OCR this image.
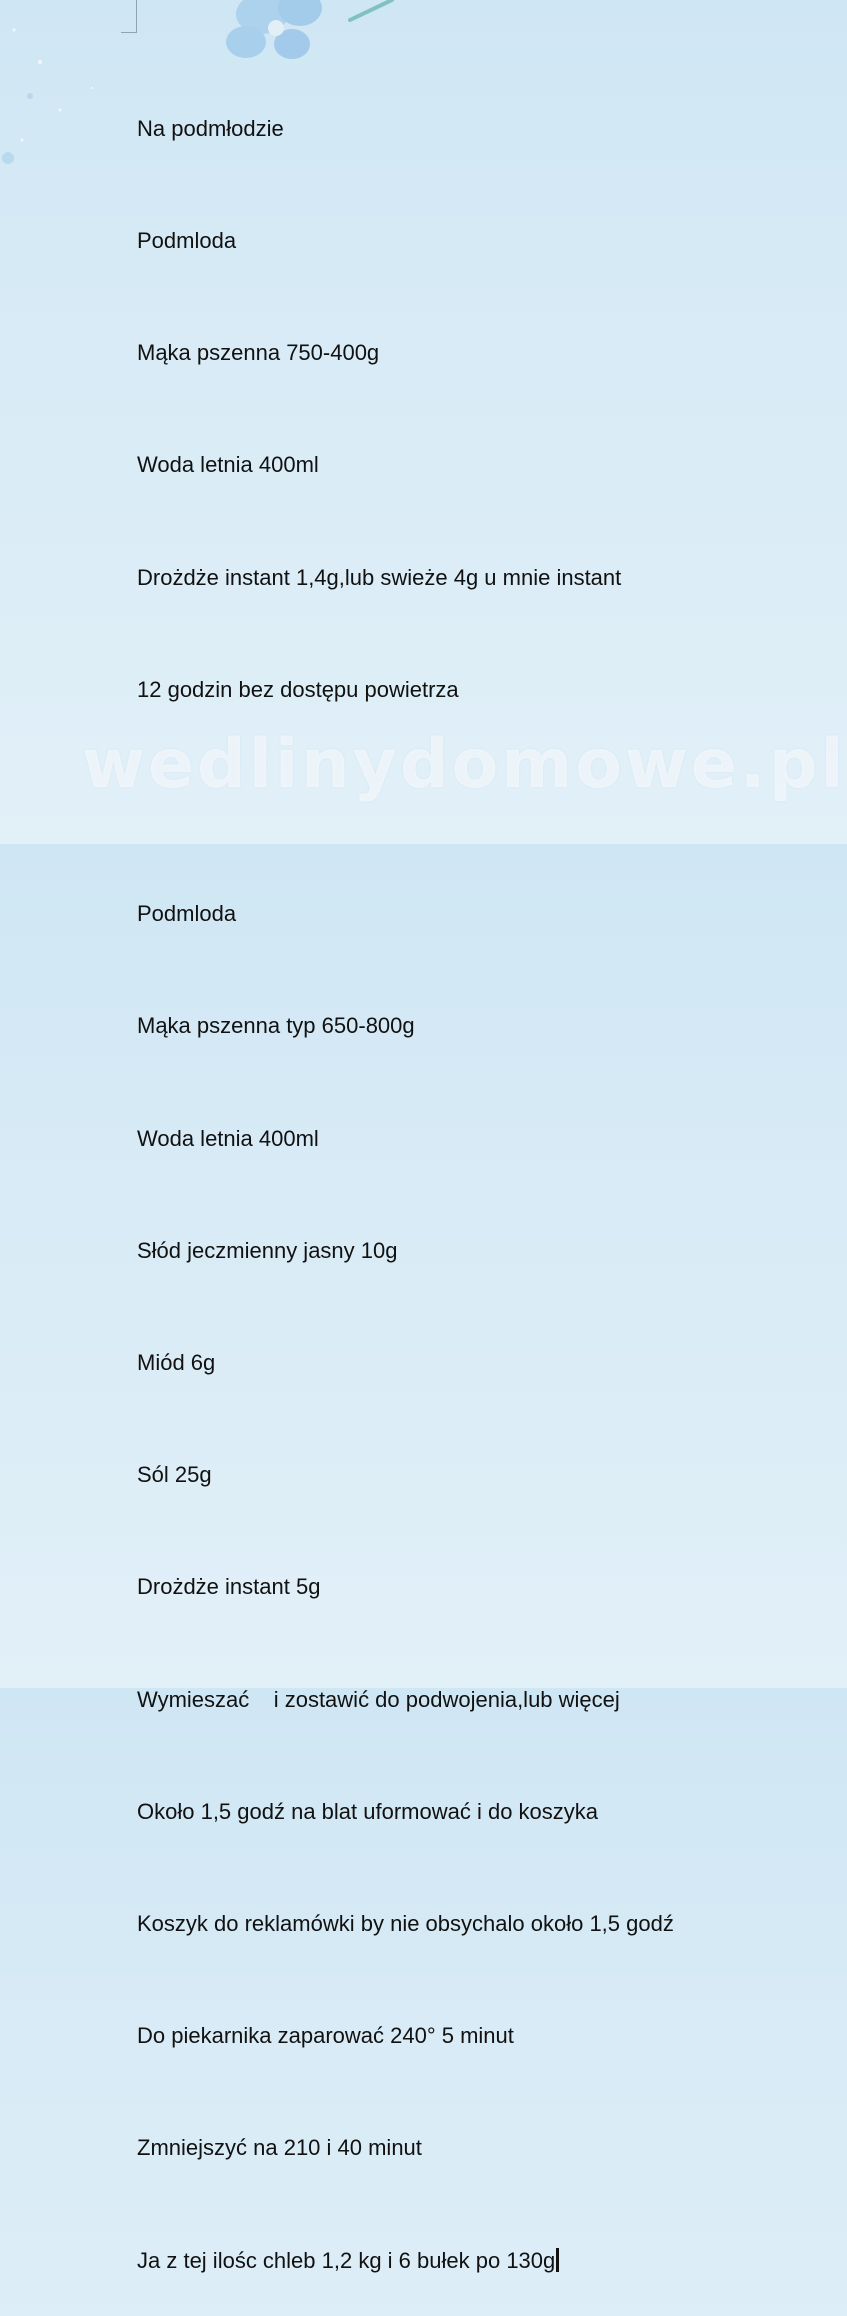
Na podmłodzie

Podmloda

Mąka pszenna 750-400g

Woda letnia 400ml

Drożdże instant 1,4g,lub swieże 4g u mnie instant

12 godzin bez dostępu powietrza

Podmloda

Mąka pszenna typ 650-800g

Woda letnia 400ml

Słód jeczmienny jasny 10g

Miód 6g

Sól 25g

Drożdże instant 5g

Wymieszać    i zostawić do podwojenia,lub więcej

Około 1,5 godź na blat uformować i do koszyka

Koszyk do reklamówki by nie obsychalo około 1,5 godź

Do piekarnika zaparować 240° 5 minut

Zmniejszyć na 210 i 40 minut

Ja z tej ilośc chleb 1,2 kg i 6 bułek po 130g

wedlinydomowe.pl
